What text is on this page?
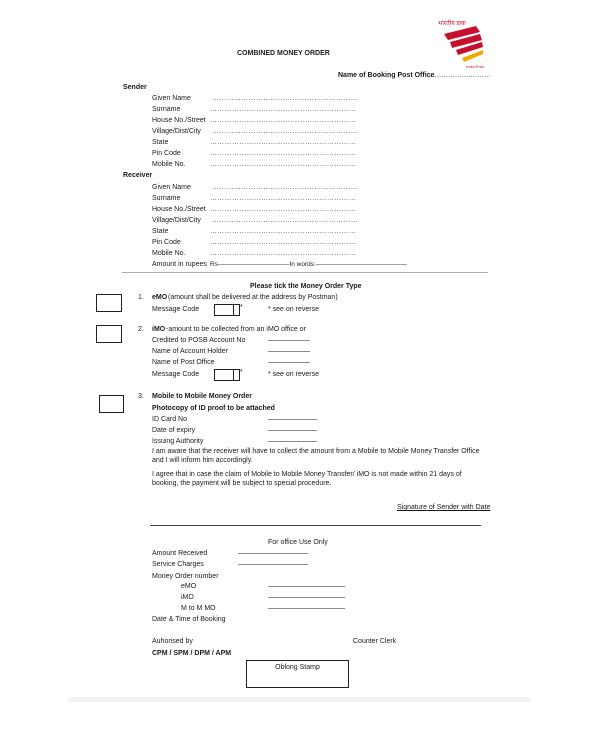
भारतीय डाक
India Post
COMBINED MONEY ORDER
Name of Booking Post Office
............................
Sender
Given Name	……………………………………………………
Surname	……………………………………………………
House No./Street ……………………………………………………
Village/Dist/City ……………………………………………………
State	……………………………………………………
Pin Code	……………………………………………………
Mobile No.	……………………………………………………
Receiver
Given Name	……………………………………………………
Surname	……………………………………………………
House No./Street ……………………………………………………
Village/Dist/City ……………………………………………………
State	……………………………………………………
Pin Code	……………………………………………………
Mobile No.	……………………………………………………
Amount in rupees Rs———————————In words:——————————————
—————————————————————————————————————————————————————————————
Please tick the Money Order Type
1. eMO (amount shall be delivered at the address by Postman)
Message Code	*	* see on reverse
2. iMO -amount to be collected from an iMO office or
Credited to POSB Account No	——————
Name of Account Holder	——————
Name of Post Office	——————
Message Code	*	* see on reverse
3. Mobile to Mobile Money Order
Photocopy of ID proof to be attached
ID Card No	———————
Date of expiry	———————
Issuing Authority	———————
I am aware that the receiver will have to collect the amount from a Mobile to Mobile Money Transfer Office and I will inform him accordingly.
I agree that in case the claim of Mobile to Mobile Money Transfer/ iMO is not made within 21 days of booking, the payment will be subject to special procedure.
Signature of Sender with Date
For office Use Only
Amount Received	——————————
Service Charges	——————————
Money Order number
eMO	———————————
iMO	———————————
M to M MO	———————————
Date & Time of Booking
Auhorised by	Counter Clerk
CPM / SPM / DPM / APM
Oblong Stamp
